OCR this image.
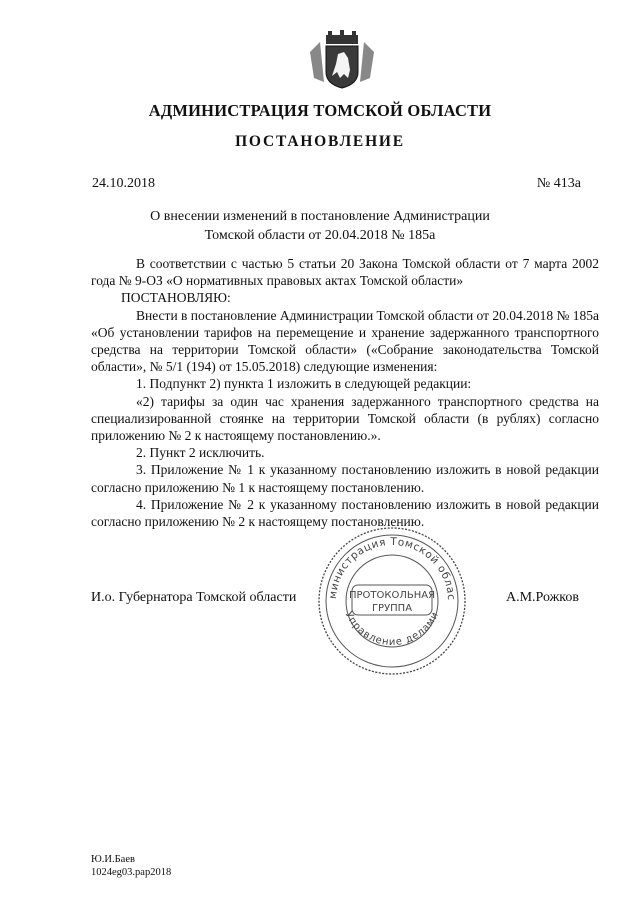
АДМИНИСТРАЦИЯ ТОМСКОЙ ОБЛАСТИ
ПОСТАНОВЛЕНИЕ
24.10.2018	№ 413а
О внесении изменений в постановление Администрации
Томской области от 20.04.2018 № 185а

В соответствии с частью 5 статьи 20 Закона Томской области от 7 марта 2002 года № 9-ОЗ «О нормативных правовых актах Томской области»

ПОСТАНОВЛЯЮ:

Внести в постановление Администрации Томской области от 20.04.2018 № 185а «Об установлении тарифов на перемещение и хранение задержанного транспортного средства на территории Томской области» («Собрание законодательства Томской области», № 5/1 (194) от 15.05.2018) следующие изменения:

1. Подпункт 2) пункта 1 изложить в следующей редакции:

«2) тарифы за один час хранения задержанного транспортного средства на специализированной стоянке на территории Томской области (в рублях) согласно приложению № 2 к настоящему постановлению.».

2. Пункт 2 исключить.

3. Приложение № 1 к указанному постановлению изложить в новой редакции согласно приложению № 1 к настоящему постановлению.

4. Приложение № 2 к указанному постановлению изложить в новой редакции согласно приложению № 2 к настоящему постановлению.

И.о. Губернатора Томской области	министрация Томской облас
Управление делами
ПРОТОКОЛЬНАЯ
ГРУППА
А.М.Рожков
Ю.И.Баев
1024eg03.pap2018
